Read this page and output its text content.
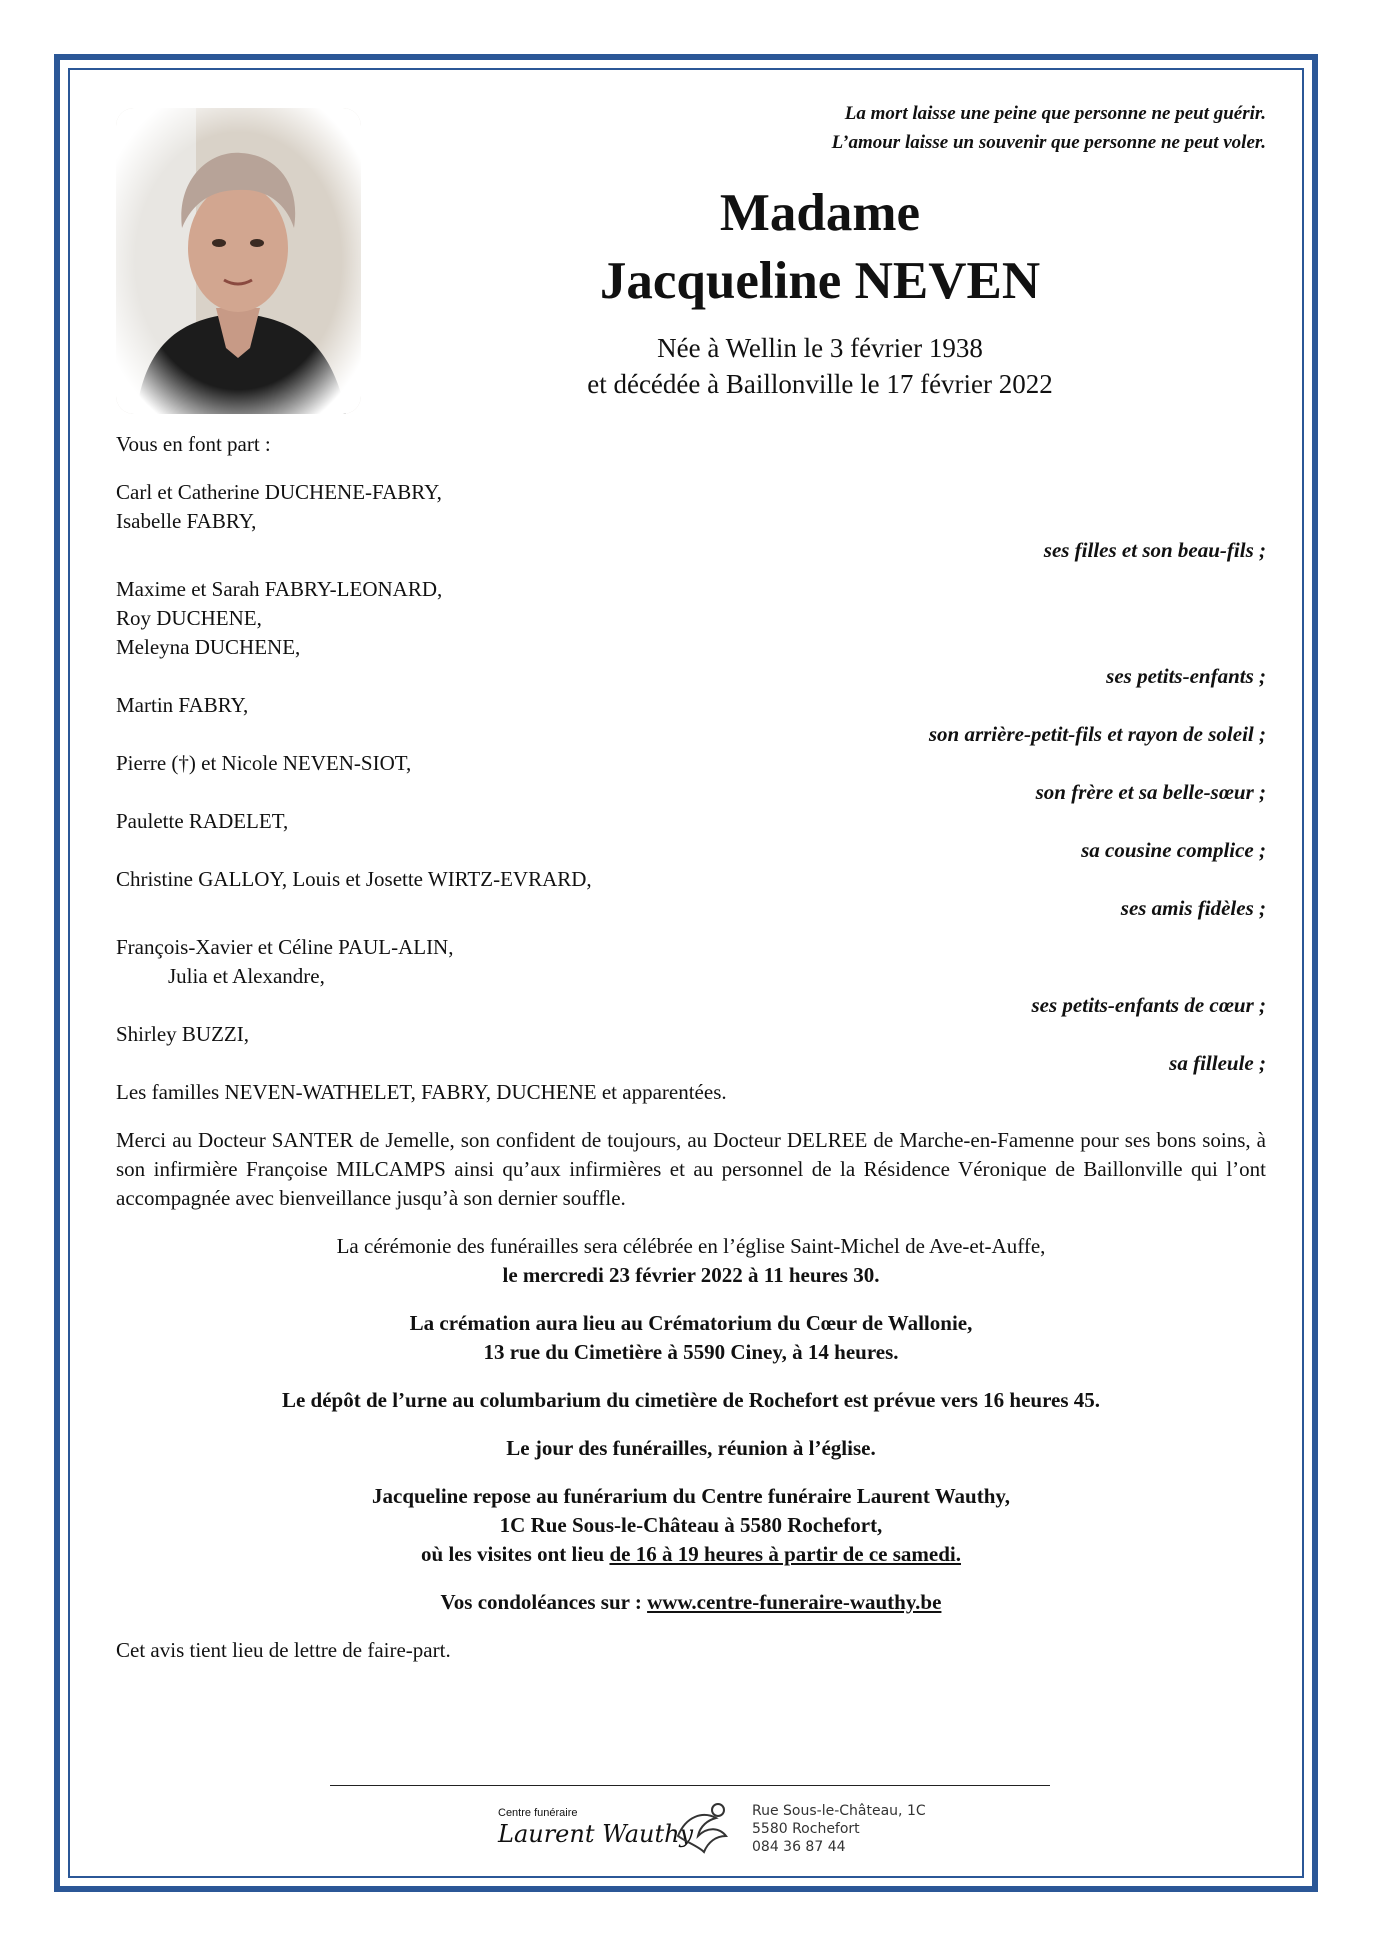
La mort laisse une peine que personne ne peut guérir.
L’amour laisse un souvenir que personne ne peut voler.
Madame
Jacqueline NEVEN
Née à Wellin le 3 février 1938
et décédée à Baillonville le 17 février 2022

Vous en font part :

Carl et Catherine DUCHENE-FABRY,

Isabelle FABRY,

ses filles et son beau-fils ;

Maxime et Sarah FABRY-LEONARD,

Roy DUCHENE,

Meleyna DUCHENE,

ses petits-enfants ;

Martin FABRY,

son arrière-petit-fils et rayon de soleil ;

Pierre (†) et Nicole NEVEN-SIOT,

son frère et sa belle-sœur ;

Paulette RADELET,

sa cousine complice ;

Christine GALLOY, Louis et Josette WIRTZ-EVRARD,

ses amis fidèles ;

François-Xavier et Céline PAUL-ALIN,

Julia et Alexandre,

ses petits-enfants de cœur ;

Shirley BUZZI,

sa filleule ;

Les familles NEVEN-WATHELET, FABRY, DUCHENE et apparentées.

Merci au Docteur SANTER de Jemelle, son confident de toujours, au Docteur DELREE de Marche-en-Famenne pour ses bons soins, à son infirmière Françoise MILCAMPS ainsi qu’aux infirmières et au personnel de la Résidence Véronique de Baillonville qui l’ont accompagnée avec bienveillance jusqu’à son dernier souffle.

La cérémonie des funérailles sera célébrée en l’église Saint-Michel de Ave-et-Auffe,

le mercredi 23 février 2022 à 11 heures 30.

La crémation aura lieu au Crématorium du Cœur de Wallonie,

13 rue du Cimetière à 5590 Ciney, à 14 heures.

Le dépôt de l’urne au columbarium du cimetière de Rochefort est prévue vers 16 heures 45.

Le jour des funérailles, réunion à l’église.

Jacqueline repose au funérarium du Centre funéraire Laurent Wauthy,

1C Rue Sous-le-Château à 5580 Rochefort,

où les visites ont lieu de 16 à 19 heures à partir de ce samedi.

Vos condoléances sur : www.centre-funeraire-wauthy.be

Cet avis tient lieu de lettre de faire-part.

Centre funéraire
Laurent Wauthy
Rue Sous-le-Château, 1C
5580 Rochefort
084 36 87 44
